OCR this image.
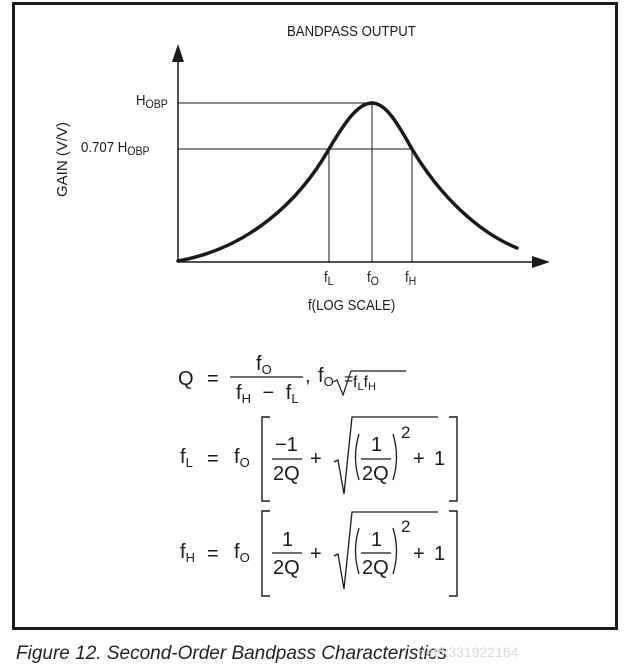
BANDPASS OUTPUT
GAIN (V/V)
$H_{OBP}$
0.707 $H_{OBP}$
$f_L$ $f_O$ $f_H$
f(LOG SCALE)
Q =
$f_O$
$f_H - f_L$
, $f_O$ = fLfH
$f_L = f_O$
−1
2Q
+
1
2Q
2
+ 1
$f_H = f_O$
1
2Q
+
1
2Q
2
+ 1
Figure 12. Second-Order Bandpass Characteristics
net/k331922164
